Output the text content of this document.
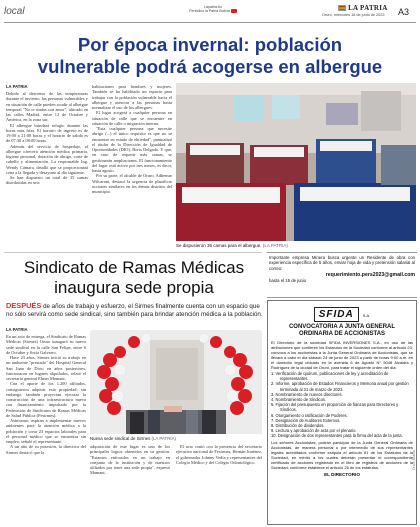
local	Lapatria.bo
Periódico la Patria Bolivia	LA PATRIA
Oruro, miércoles 18 de junio de 2023 A3
Por época invernal: población
vulnerable podrá acogerse en albergue
LA PATRIA

Debido al descenso de las temperaturas durante el invierno, las personas vulnerables y en situación de calle pueden acudir al albergue temporal "No te rindas con amor", ubicado en las calles Madrid, entre 12 de Octubre y América, en la zona sur.

El albergue brindará refugio durante las horas más frías. El horario de ingreso es de 19:00 a 21:00 horas y el horario de salida es de 07:30 a 08:00 horas.

Además del servicio de hospedaje, el albergue ofrecerá atención médica primaria, higiene personal, dotación de abrigo, corte de cabello y alimentación. La responsable Ing. Wendy Cámara, detalló que se proporcionará cena a la llegada y desayuno al día siguiente.

Se han dispuesto un total de 35 camas distribuidas en seis

habitaciones para hombres y mujeres. También se ha habilitado un espacio para trabajar con la población vulnerable hacia el albergue y asesorar a las personas hasta normalizar el uso de los albergues.

El lugar acogerá a cualquier persona en situación de calle que se encuentre en situación de calle o migración interna.

"Esta cualquier persona que necesite abrigo (...) el único requisito es que no se encuentre en estado de ebriedad", puntualizó el titular de la Dirección de Igualdad de Oportunidades (DIO), Boris Delgado. Y que, en caso de requerir más camas, se gestionarán ampliaciones. El funcionamiento del lugar está activo por tres meses, es decir, hasta agosto.

Por su parte, el alcalde de Oruro, Adhemar Wilcarani, destacó la urgencia de planificar acciones similares en los demás distritos del municipio.

Se dispusieron 35 camas para el albergue. (LA PATRIA)
Sindicato de Ramas Médicas
inaugura sede propia
DESPUÉS de años de trabajo y esfuerzo, el Sirmes finalmente cuenta con un espacio que no sólo servirá como sede sindical, sino también para brindar atención médica a la población.
LA PATRIA

En un acto de entrega, el Sindicato de Ramas Médicas (Sirmes) Oruro inauguró su nueva sede sindical en la calle San Felipe, entre 6 de Octubre y Soria Galvarro.

Hace 23 años, Sirmes inició su trabajo en un ambiente "prestado" del Hospital General San Juan de Dios; en años posteriores, funcionaron en lugares alquilados, relató el secretario general Elmer Mamani.

Con el aporte de los 1.200 afiliados, consiguieron adquirir esta propiedad; sin embargo, también proyectan ejecutar la construcción de una infraestructura nueva con financiamiento impulsado por la Federación de Sindicatos de Ramas Médicas de Salud Pública (Fesirmes).

Asimismo, aspiran a implementar nuevos ambientes para la atención médica a la población y crear 23 espacios laborales para el personal médico que se encuentra sin empleo, señaló el representante.

A un año de su posesión, la directiva del Sirmes destacó que la

Nueva sede sindical de Sirmes (LA PATRIA)

adquisición de este lugar es uno de los principales logros obtenidos en su gestión. "Estamos enfocados en un trabajo en conjunto de la institución y de nuestros afiliados por tener una sede propia", expresó Mamani.

El acto contó con la presencia del secretario ejecutivo nacional de Fesirmes, Hernán Jiménez, el gobernador Johnny Vedia y representantes del Colegio Médico y del Colegio Odontológico.

Importante empresa Minera busca urgente un Residente de obra con experiencia específica de 5 años, enviar hoja de vida y pretensión salarial al correo:
requerimiento.pers2023@gmail.com
hasta el 15 de junio
SFIDA S.A.
CONVOCATORIA A JUNTA GENERAL
ORDINARIA DE ACCIONISTAS
El Directorio de la sociedad SFIDA INVERSIONES S.A., en uso de las atribuciones que confieren los Estatutos de la Sociedad conforme al artículo 23, convoca a los accionistas a la Junta General Ordinaria de Accionistas, que se llevará a cabo el día sábado 24 de junio de 2023 a partir de horas 9:00 a.m. en el domicilio legal ubicado en la avenida 6 de Agosto N° 5048 Alcaldía y Rodríguez de la ciudad de Oruro, para tratar el siguiente orden del día:
1. Verificación de quórum, publicaciones de ley y acreditación de representantes.
2. Informe, aprobación de Estados Financieros y Memoria anual por gestión terminada al 31 de marzo de 2023.
3. Nombramiento de nuevos directores.
4. Nombramiento de Síndicos.
5. Fijación del presupuesto en proporción de fianzas para Directores y Síndicos.
6. Otorgamiento o ratificación de Poderes.
7. Designación de Auditores Externos.
8. Distribución de dividendos.
9. Lectura y aprobación de acta por el plenario.
10. Designación de dos representantes para la firma del acta de la junta.
Los señores Accionistas, podrán participar de la Junta General Ordinaria de Accionistas, de manera personal o por intermedio de sus representantes legales acreditados conforme estipula el artículo 81 de los Estatutos de la Sociedad, en mérito a los cuales deberán presentar el correspondiente certificado de acciones registrado en el libro de registros de acciones de la Sociedad, conforme establece el artículo 26 de los estatutos.
EL DIRECTORIO
Oruro Bolivia
